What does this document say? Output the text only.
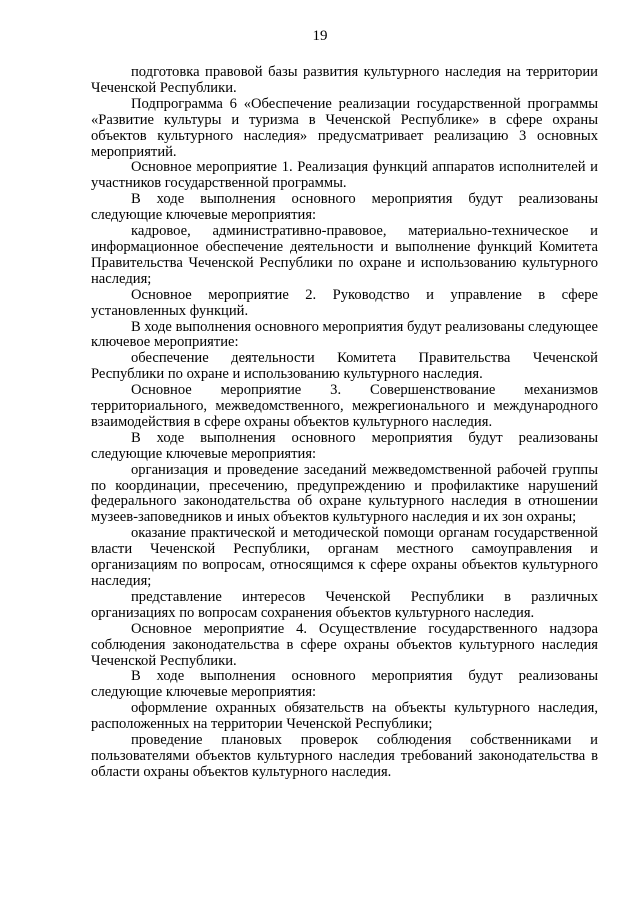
19

подготовка правовой базы развития культурного наследия на территории Чеченской Республики.

Подпрограмма 6 «Обеспечение реализации государственной программы «Развитие культуры и туризма в Чеченской Республике» в сфере охраны объектов культурного наследия» предусматривает реализацию 3 основных мероприятий.

Основное мероприятие 1. Реализация функций аппаратов исполнителей и участников государственной программы.

В ходе выполнения основного мероприятия будут реализованы следующие ключевые мероприятия:

кадровое, административно-правовое, материально-техническое и информационное обеспечение деятельности и выполнение функций Комитета Правительства Чеченской Республики по охране и использованию культурного наследия;

Основное мероприятие 2. Руководство и управление в сфере установленных функций.

В ходе выполнения основного мероприятия будут реализованы следующее ключевое мероприятие:

обеспечение деятельности Комитета Правительства Чеченской Республики по охране и использованию культурного наследия.

Основное мероприятие 3. Совершенствование механизмов территориального, межведомственного, межрегионального и международного взаимодействия в сфере охраны объектов культурного наследия.

В ходе выполнения основного мероприятия будут реализованы следующие ключевые мероприятия:

организация и проведение заседаний межведомственной рабочей группы по координации, пресечению, предупреждению и профилактике нарушений федерального законодательства об охране культурного наследия в отношении музеев-заповедников и иных объектов культурного наследия и их зон охраны;

оказание практической и методической помощи органам государственной власти Чеченской Республики, органам местного самоуправления и организациям по вопросам, относящимся к сфере охраны объектов культурного наследия;

представление интересов Чеченской Республики в различных организациях по вопросам сохранения объектов культурного наследия.

Основное мероприятие 4. Осуществление государственного надзора соблюдения законодательства в сфере охраны объектов культурного наследия Чеченской Республики.

В ходе выполнения основного мероприятия будут реализованы следующие ключевые мероприятия:

оформление охранных обязательств на объекты культурного наследия, расположенных на территории Чеченской Республики;

проведение плановых проверок соблюдения собственниками и пользователями объектов культурного наследия требований законодательства в области охраны объектов культурного наследия.
